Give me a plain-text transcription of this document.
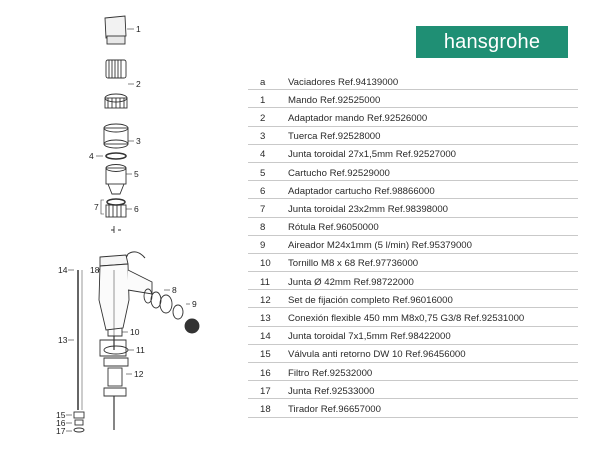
hansgrohe
1
2
3
4
5
6
7
8
9
10
11
12
13
14
15
16
17
18
a	Vaciadores Ref.94139000
1	Mando Ref.92525000
2	Adaptador mando Ref.92526000
3	Tuerca Ref.92528000
4	Junta toroidal 27x1,5mm Ref.92527000
5	Cartucho Ref.92529000
6	Adaptador cartucho Ref.98866000
7	Junta toroidal 23x2mm Ref.98398000
8	Rótula Ref.96050000
9	Aireador M24x1mm (5 l/min) Ref.95379000
10	Tornillo M8 x 68 Ref.97736000
11	Junta Ø 42mm Ref.98722000
12	Set de fijación completo Ref.96016000
13	Conexión flexible 450 mm M8x0,75 G3/8 Ref.92531000
14	Junta toroidal 7x1,5mm Ref.98422000
15	Válvula anti retorno DW 10 Ref.96456000
16	Filtro Ref.92532000
17	Junta Ref.92533000
18	Tirador Ref.96657000
